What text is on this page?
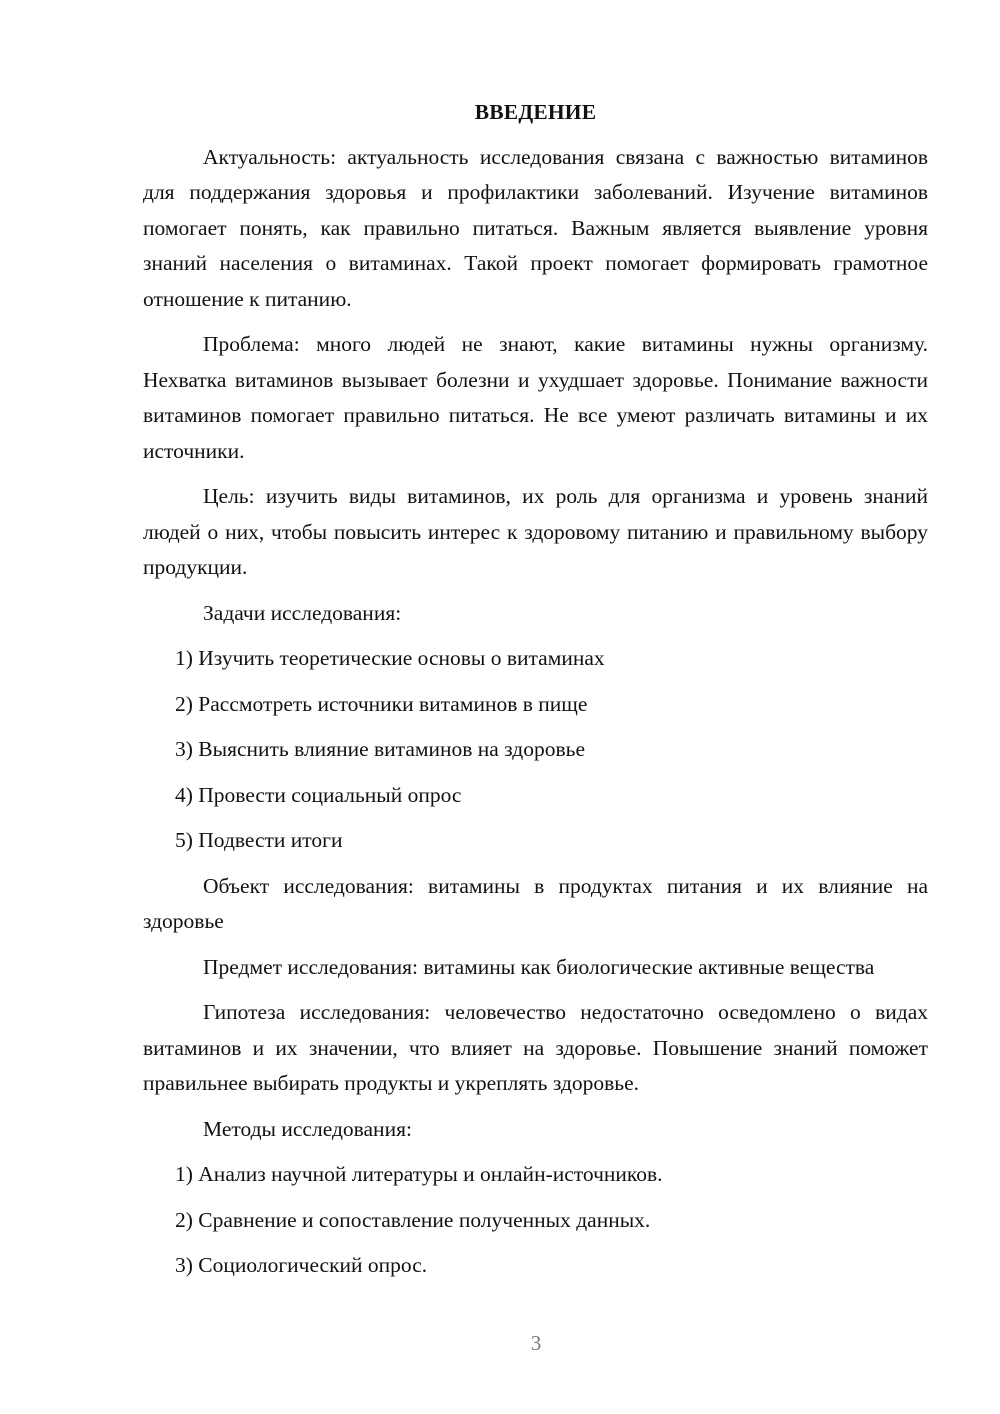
ВВЕДЕНИЕ

Актуальность: актуальность исследования связана с важностью витаминов для поддержания здоровья и профилактики заболеваний. Изучение витаминов помогает понять, как правильно питаться. Важным является выявление уровня знаний населения о витаминах. Такой проект помогает формировать грамотное отношение к питанию.

Проблема: много людей не знают, какие витамины нужны организму. Нехватка витаминов вызывает болезни и ухудшает здоровье. Понимание важности витаминов помогает правильно питаться. Не все умеют различать витамины и их источники.

Цель: изучить виды витаминов, их роль для организма и уровень знаний людей о них, чтобы повысить интерес к здоровому питанию и правильному выбору продукции.

Задачи исследования:
1) Изучить теоретические основы о витаминах
2) Рассмотреть источники витаминов в пище
3) Выяснить влияние витаминов на здоровье
4) Провести социальный опрос
5) Подвести итоги

Объект исследования: витамины в продуктах питания и их влияние на здоровье

Предмет исследования: витамины как биологические активные вещества

Гипотеза исследования: человечество недостаточно осведомлено о видах витаминов и их значении, что влияет на здоровье. Повышение знаний поможет правильнее выбирать продукты и укреплять здоровье.

Методы исследования:
1) Анализ научной литературы и онлайн-источников.
2) Сравнение и сопоставление полученных данных.
3) Социологический опрос.
3
